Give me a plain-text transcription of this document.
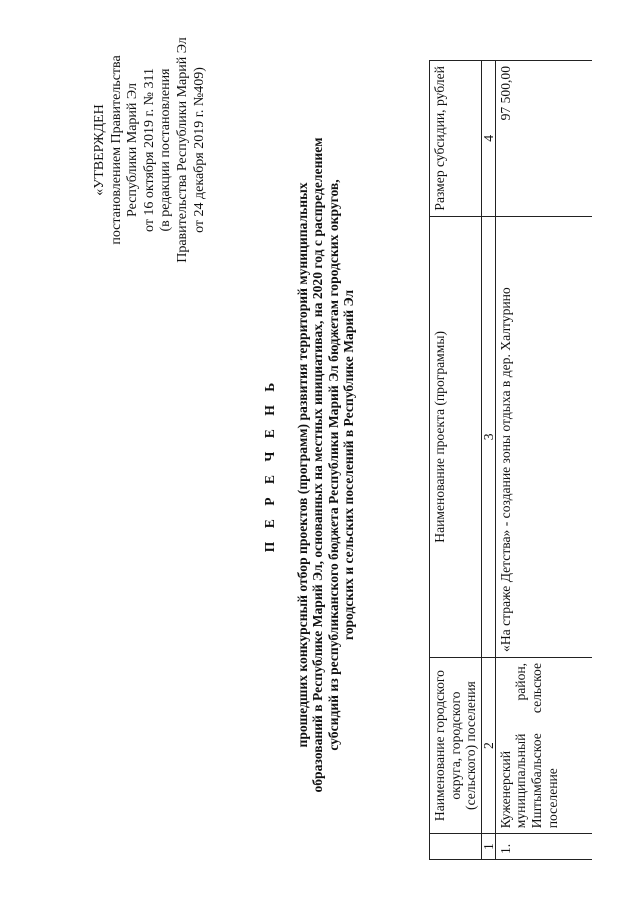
«УТВЕРЖДЕН постановлением Правительства Республики Марий Эл от 16 октября 2019 г. № 311 (в редакции постановления Правительства Республики Марий Эл от 24 декабря 2019 г. №409)
П Е Р Е Ч Е Н Ь прошедших конкурсный отбор проектов (программ) развития территорий муниципальных образований в Республике Марий Эл, основанных на местных инициативах, на 2020 год с распределением субсидий из республиканского бюджета Республики Марий Эл бюджетам городских округов, городских и сельских поселений в Республике Марий Эл
	Наименование городского округа, городского (сельского) поселения	Наименование проекта (программы)	Размер субсидии, рублей
1	2	3	4
1.	Куженерский муниципальный район, Иштымбальское сельское поселение	«На страже Детства» - создание зоны отдыха в дер. Халтурино	97 500,00
